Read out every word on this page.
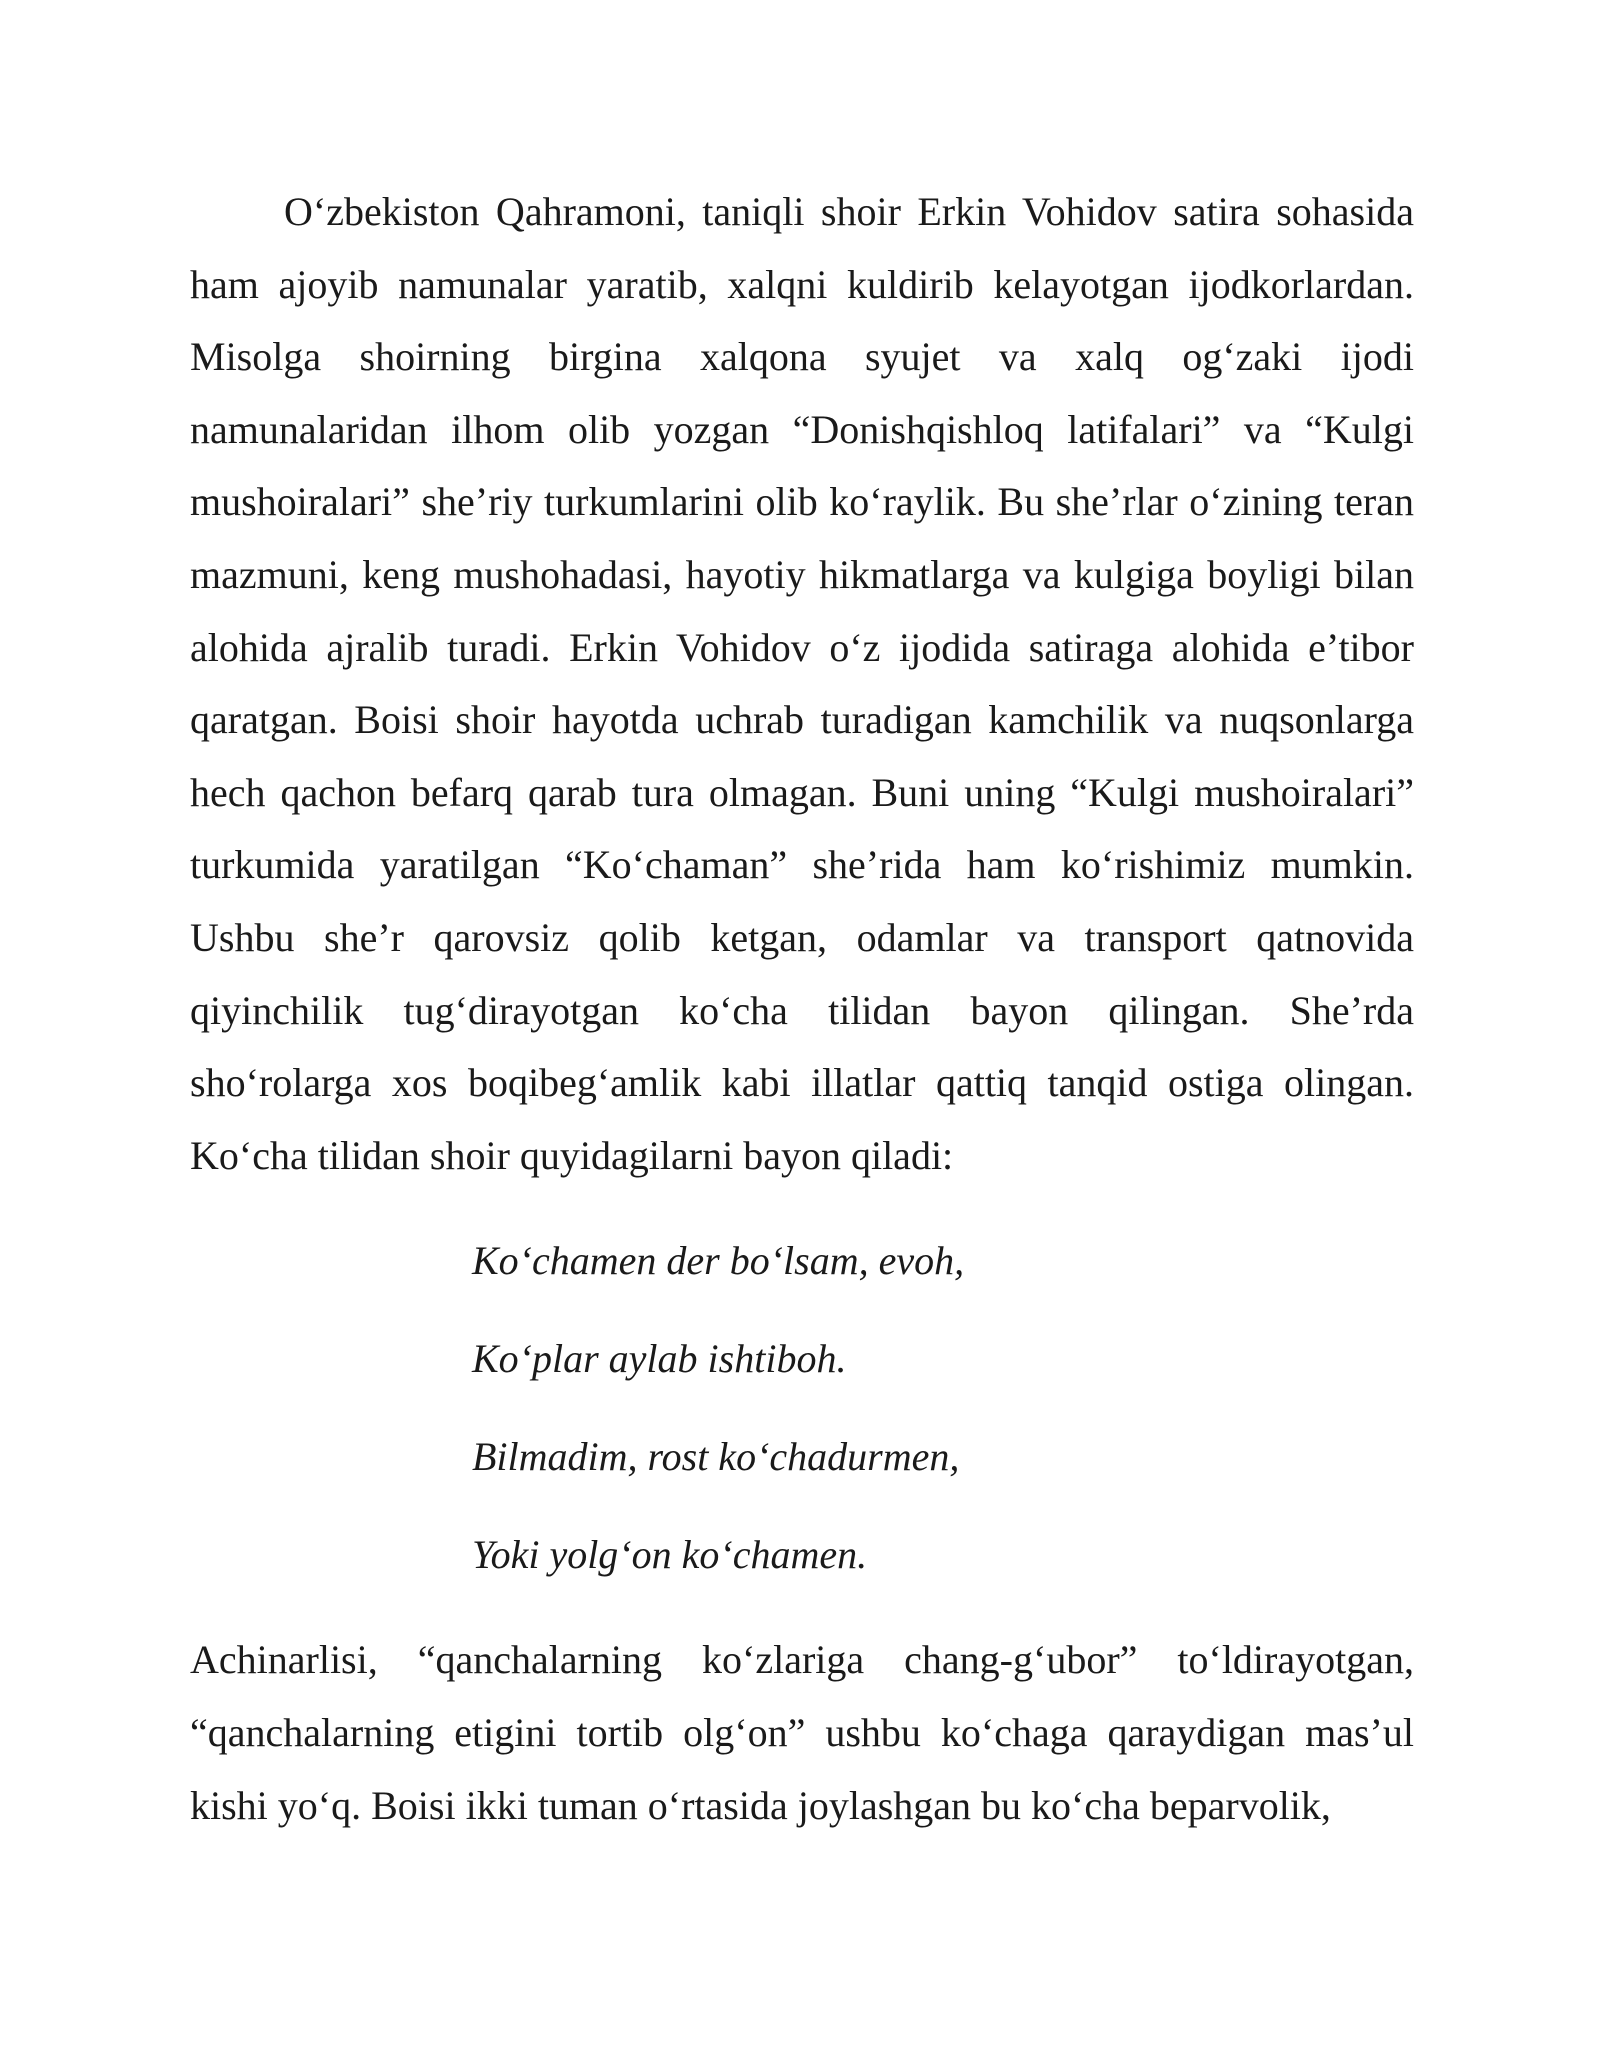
O‘zbekiston Qahramoni, taniqli shoir Erkin Vohidov satira sohasida ham ajoyib namunalar yaratib, xalqni kuldirib kelayotgan ijodkorlardan. Misolga shoirning birgina xalqona syujet va xalq og‘zaki ijodi namunalaridan ilhom olib yozgan “Donishqishloq latifalari” va “Kulgi mushoiralari” she’riy turkumlarini olib ko‘raylik. Bu she’rlar o‘zining teran mazmuni, keng mushohadasi, hayotiy hikmatlarga va kulgiga boyligi bilan alohida ajralib turadi. Erkin Vohidov o‘z ijodida satiraga alohida e’tibor qaratgan. Boisi shoir hayotda uchrab turadigan kamchilik va nuqsonlarga hech qachon befarq qarab tura olmagan. Buni uning “Kulgi mushoiralari” turkumida yaratilgan “Ko‘chaman” she’rida ham ko‘rishimiz mumkin. Ushbu she’r qarovsiz qolib ketgan, odamlar va transport qatnovida qiyinchilik tug‘dirayotgan ko‘cha tilidan bayon qilingan. She’rda sho‘rolarga xos boqibeg‘amlik kabi illatlar qattiq tanqid ostiga olingan. Ko‘cha tilidan shoir quyidagilarni bayon qiladi:

Ko‘chamen der bo‘lsam, evoh,
Ko‘plar aylab ishtiboh.
Bilmadim, rost ko‘chadurmen,
Yoki yolg‘on ko‘chamen.

Achinarlisi, “qanchalarning ko‘zlariga chang-g‘ubor” to‘ldirayotgan, “qanchalarning etigini tortib olg‘on” ushbu ko‘chaga qaraydigan mas’ul kishi yo‘q. Boisi ikki tuman o‘rtasida joylashgan bu ko‘cha beparvolik,
